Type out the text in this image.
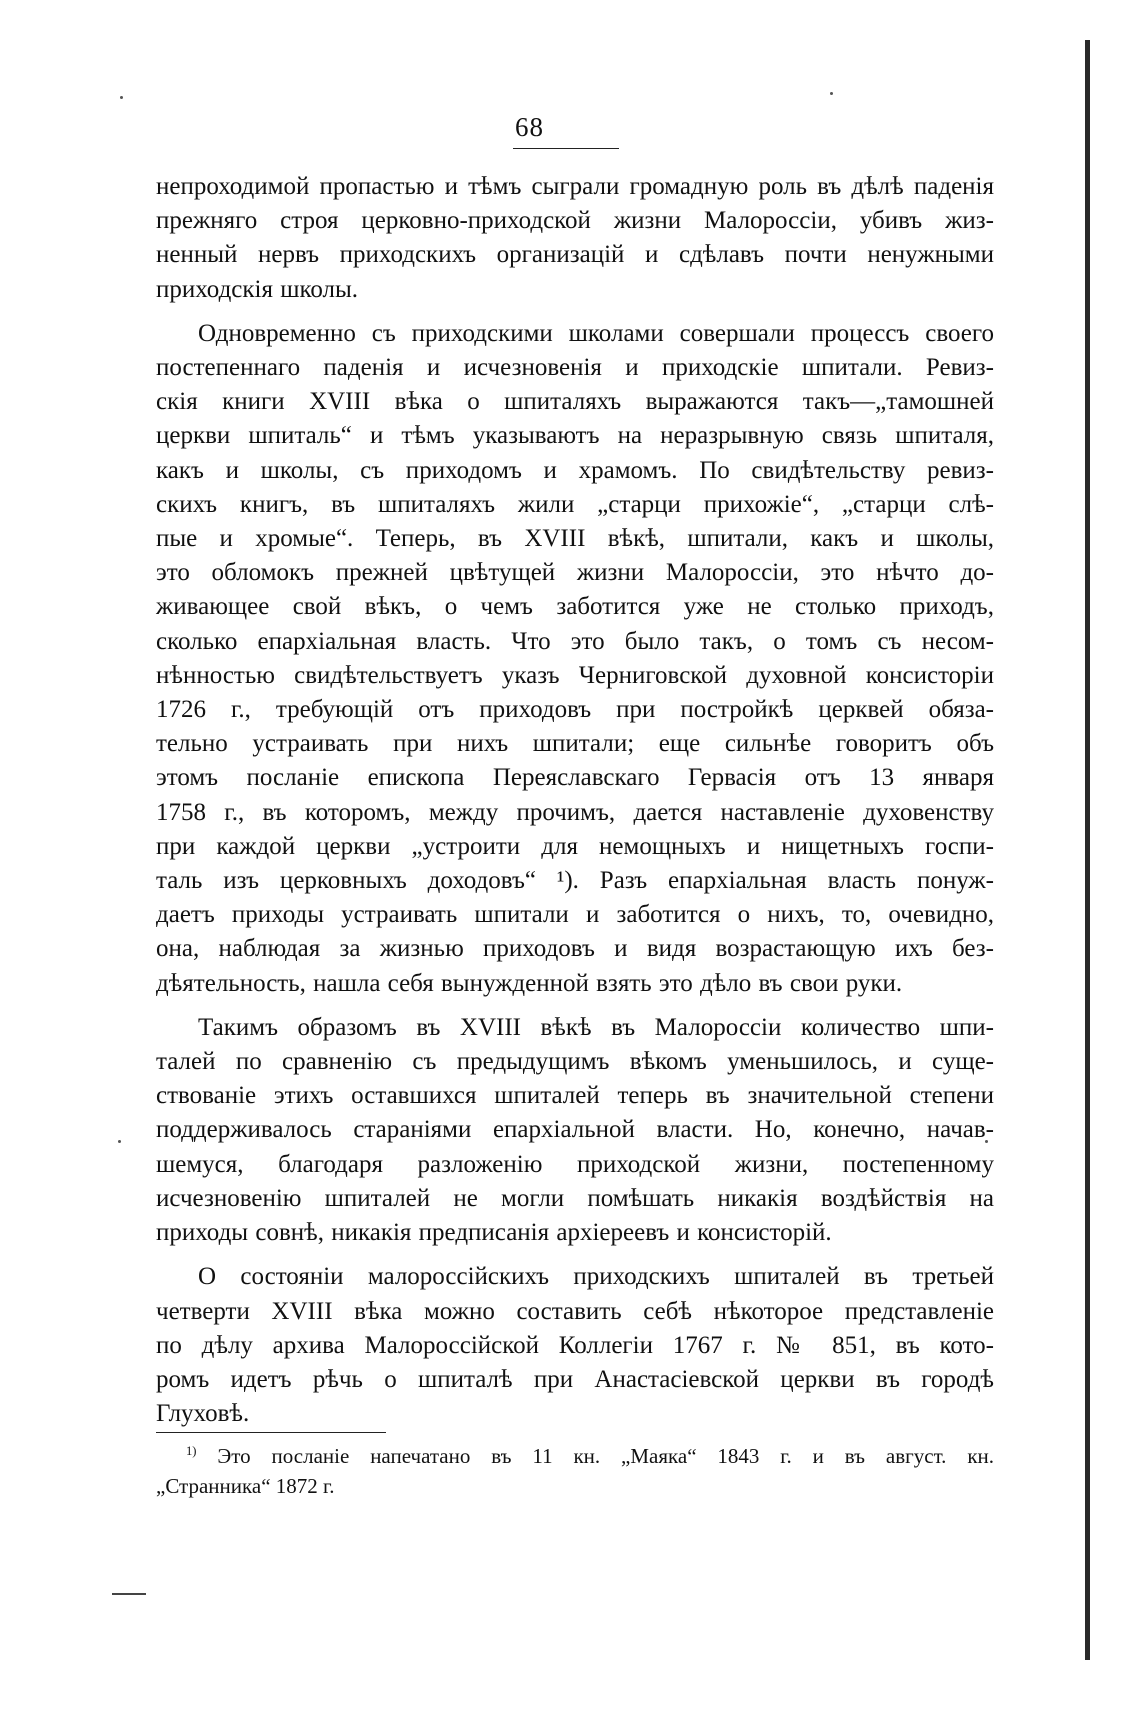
68

непроходимой пропастью и тѣмъ сыграли громадную роль въ дѣлѣ паденія
прежняго строя церковно-приходской жизни Малороссіи, убивъ жиз-
ненный нервъ приходскихъ организацій и сдѣлавъ почти ненужными
приходскія школы.

Одновременно съ приходскими школами совершали процессъ своего
постепеннаго паденія и исчезновенія и приходскіе шпитали. Ревиз-
скія книги XVIII вѣка о шпиталяхъ выражаются такъ—„тамошней
церкви шпиталь“ и тѣмъ указываютъ на неразрывную связь шпиталя,
какъ и школы, съ приходомъ и храмомъ. По свидѣтельству ревиз-
скихъ книгъ, въ шпиталяхъ жили „старци прихожіе“, „старци слѣ-
пые и хромые“. Теперь, въ XVIII вѣкѣ, шпитали, какъ и школы,
это обломокъ прежней цвѣтущей жизни Малороссіи, это нѣчто до-
живающее свой вѣкъ, о чемъ заботится уже не столько приходъ,
сколько епархіальная власть. Что это было такъ, о томъ съ несом-
нѣнностью свидѣтельствуетъ указъ Черниговской духовной консисторіи
1726 г., требующій отъ приходовъ при постройкѣ церквей обяза-
тельно устраивать при нихъ шпитали; еще сильнѣе говоритъ объ
этомъ посланіе епископа Переяславскаго Гервасія отъ 13 января
1758 г., въ которомъ, между прочимъ, дается наставленіе духовенству
при каждой церкви „устроити для немощныхъ и нищетныхъ госпи-
таль изъ церковныхъ доходовъ“ ¹). Разъ епархіальная власть понуж-
даетъ приходы устраивать шпитали и заботится о нихъ, то, очевидно,
она, наблюдая за жизнью приходовъ и видя возрастающую ихъ без-
дѣятельность, нашла себя вынужденной взять это дѣло въ свои руки.

Такимъ образомъ въ XVIII вѣкѣ въ Малороссіи количество шпи-
талей по сравненію съ предыдущимъ вѣкомъ уменьшилось, и суще-
ствованіе этихъ оставшихся шпиталей теперь въ значительной степени
поддерживалось стараніями епархіальной власти. Но, конечно, начав-
шемуся, благодаря разложенію приходской жизни, постепенному
исчезновенію шпиталей не могли помѣшать никакія воздѣйствія на
приходы совнѣ, никакія предписанія архіереевъ и консисторій.

О состояніи малороссійскихъ приходскихъ шпиталей въ третьей
четверти XVIII вѣка можно составить себѣ нѣкоторое представленіе
по дѣлу архива Малороссійской Коллегіи 1767 г. № 851, въ кото-
ромъ идетъ рѣчь о шпиталѣ при Анастасіевской церкви въ городѣ
Глуховѣ.

$^{1)}$ Это посланіе напечатано въ 11 кн. „Маяка“ 1843 г. и въ август. кн.
„Странника“ 1872 г.
